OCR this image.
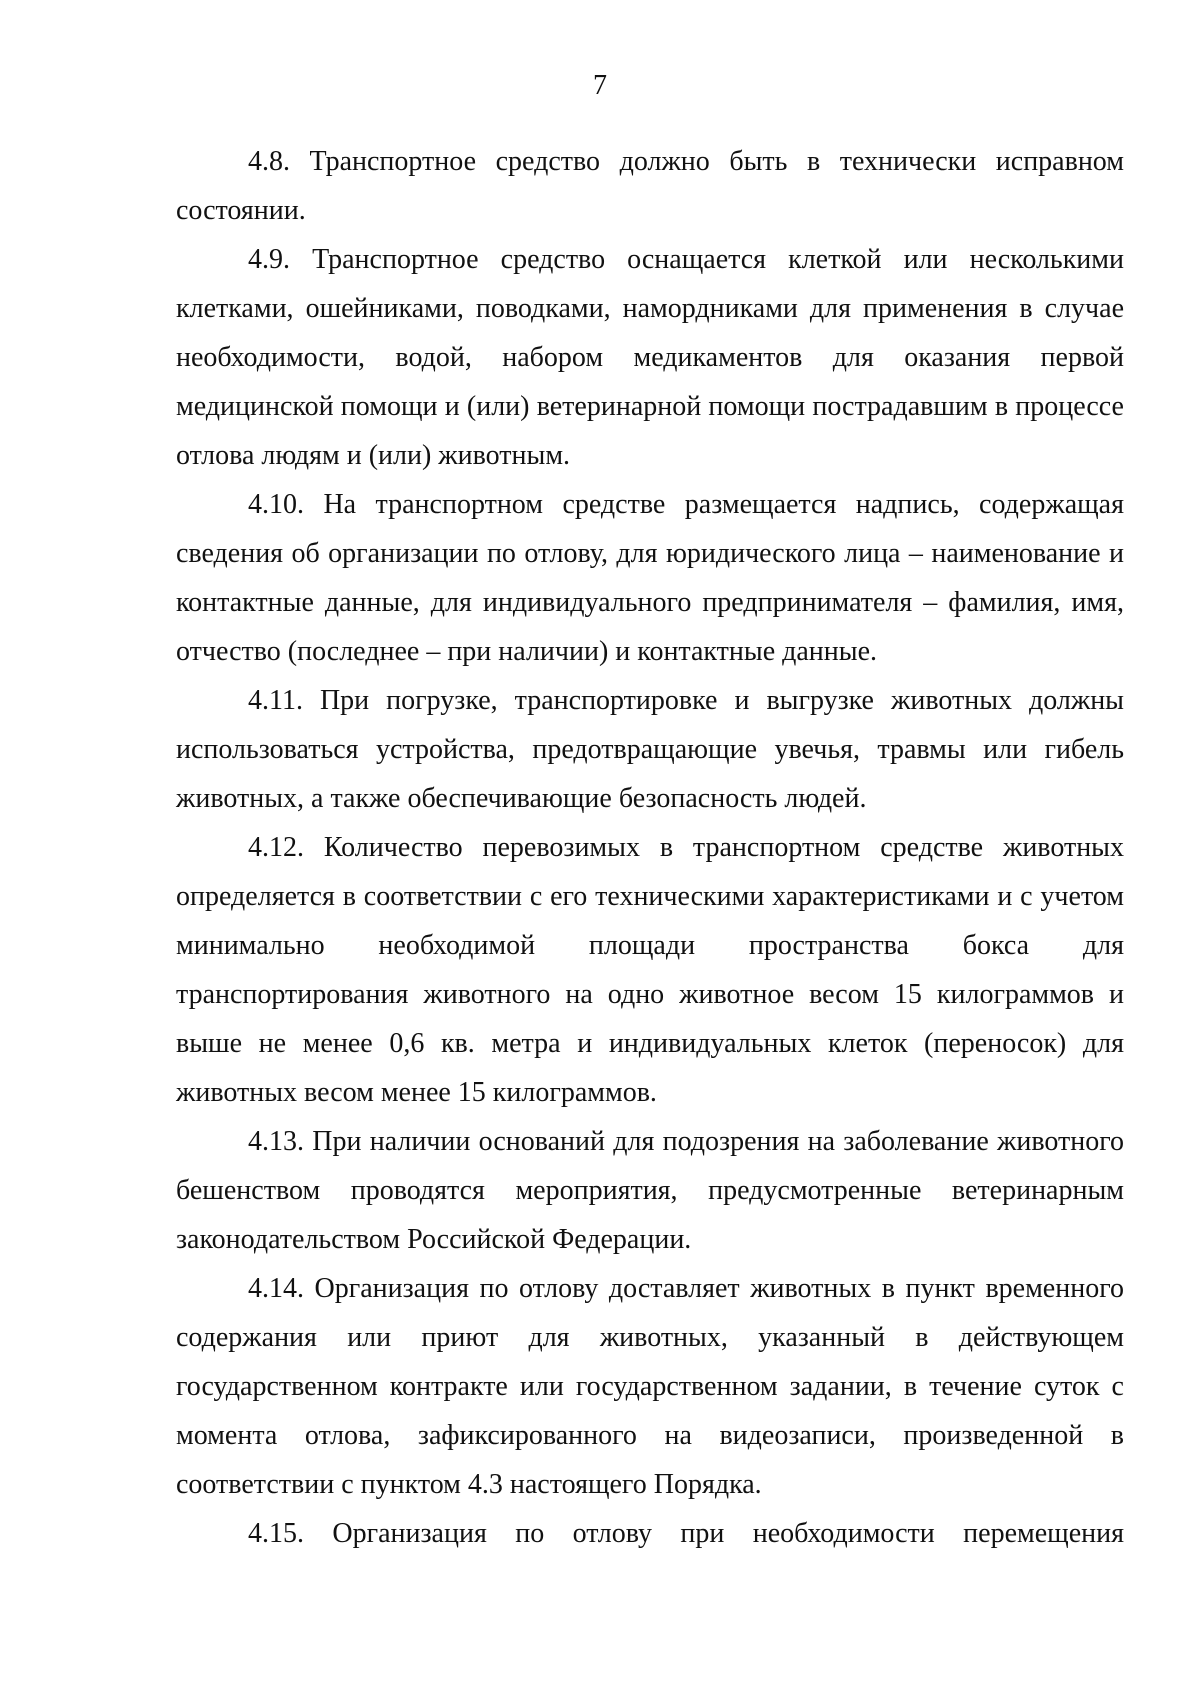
7

4.8. Транспортное средство должно быть в технически исправном состоянии.

4.9. Транспортное средство оснащается клеткой или несколькими клетками, ошейниками, поводками, намордниками для применения в случае необходимости, водой, набором медикаментов для оказания первой медицинской помощи и (или) ветеринарной помощи пострадавшим в процессе отлова людям и (или) животным.

4.10. На транспортном средстве размещается надпись, содержащая сведения об организации по отлову, для юридического лица – наименование и контактные данные, для индивидуального предпринимателя – фамилия, имя, отчество (последнее – при наличии) и контактные данные.

4.11. При погрузке, транспортировке и выгрузке животных должны использоваться устройства, предотвращающие увечья, травмы или гибель животных, а также обеспечивающие безопасность людей.

4.12. Количество перевозимых в транспортном средстве животных определяется в соответствии с его техническими характеристиками и с учетом минимально необходимой площади пространства бокса для транспортирования животного на одно животное весом 15 килограммов и выше не менее 0,6 кв. метра и индивидуальных клеток (переносок) для животных весом менее 15 килограммов.

4.13. При наличии оснований для подозрения на заболевание животного бешенством проводятся мероприятия, предусмотренные ветеринарным законодательством Российской Федерации.

4.14. Организация по отлову доставляет животных в пункт временного содержания или приют для животных, указанный в действующем государственном контракте или государственном задании, в течение суток с момента отлова, зафиксированного на видеозаписи, произведенной в соответствии с пунктом 4.3 настоящего Порядка.

4.15. Организация по отлову при необходимости перемещения
